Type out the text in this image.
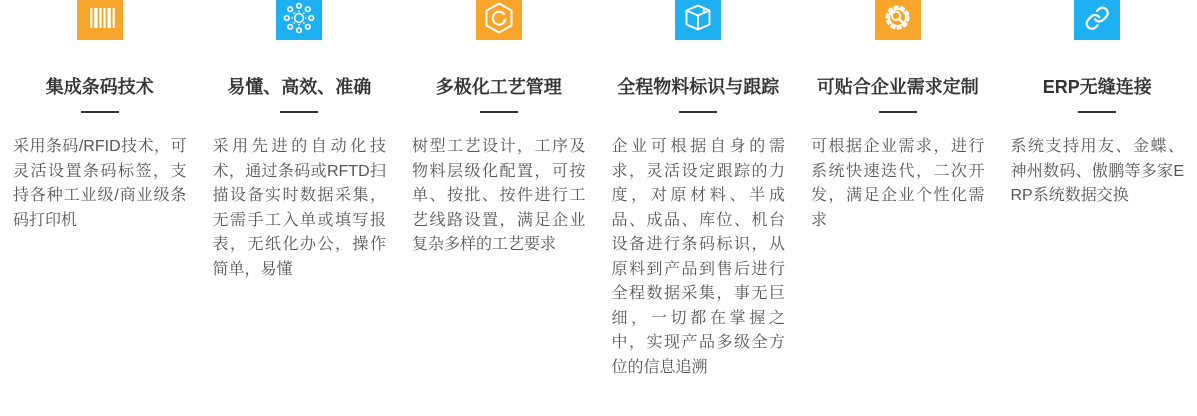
集成条码技术
采用条码/RFID技术，可灵活设置条码标签，支持各种工业级/商业级条码打印机
易懂、高效、准确
采用先进的自动化技术，通过条码或RFTD扫描设备实时数据采集，无需手工入单或填写报表，无纸化办公，操作简单，易懂
多极化工艺管理
树型工艺设计，工序及物料层级化配置，可按单、按批、按件进行工艺线路设置，满足企业复杂多样的工艺要求
全程物料标识与跟踪
企业可根据自身的需求，灵活设定跟踪的力度，对原材料、半成品、成品、库位、机台设备进行条码标识，从原料到产品到售后进行全程数据采集，事无巨细，一切都在掌握之中，实现产品多级全方位的信息追溯
可贴合企业需求定制
可根据企业需求，进行系统快速迭代，二次开发，满足企业个性化需求
ERP无缝连接
系统支持用友、金蝶、神州数码、傲鹏等多家ERP系统数据交换
